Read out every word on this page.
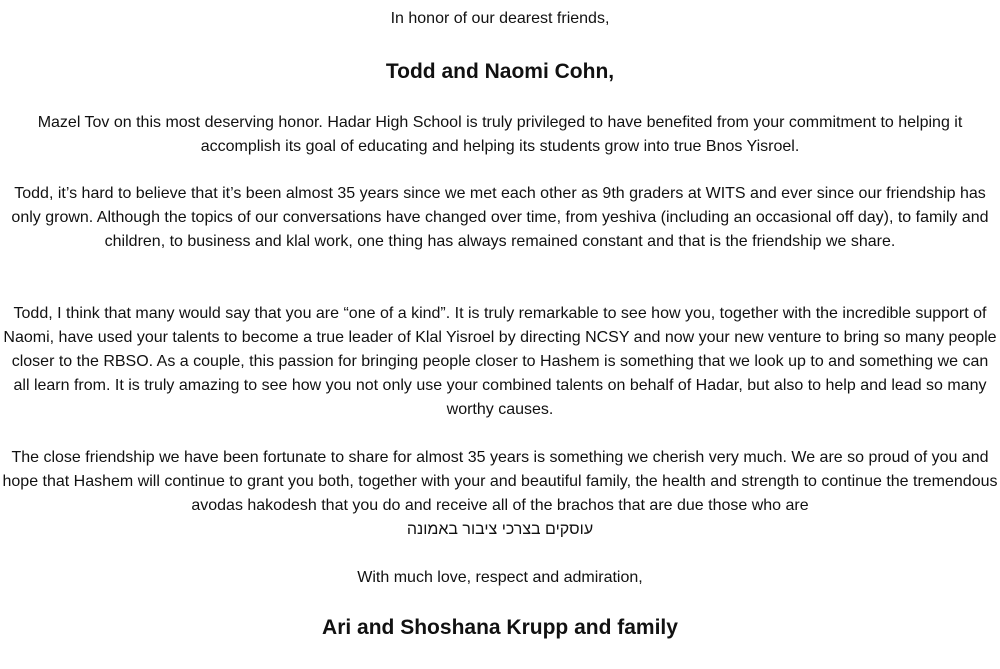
In honor of our dearest friends,
Todd and Naomi Cohn,
Mazel Tov on this most deserving honor. Hadar High School is truly privileged to have benefited from your commitment to helping it accomplish its goal of educating and helping its students grow into true Bnos Yisroel.
Todd, it’s hard to believe that it’s been almost 35 years since we met each other as 9th graders at WITS and ever since our friendship has only grown. Although the topics of our conversations have changed over time, from yeshiva (including an occasional off day), to family and children, to business and klal work, one thing has always remained constant and that is the friendship we share.
Todd, I think that many would say that you are “one of a kind”. It is truly remarkable to see how you, together with the incredible support of Naomi, have used your talents to become a true leader of Klal Yisroel by directing NCSY and now your new venture to bring so many people closer to the RBSO. As a couple, this passion for bringing people closer to Hashem is something that we look up to and something we can all learn from. It is truly amazing to see how you not only use your combined talents on behalf of Hadar, but also to help and lead so many worthy causes.
The close friendship we have been fortunate to share for almost 35 years is something we cherish very much. We are so proud of you and hope that Hashem will continue to grant you both, together with your and beautiful family, the health and strength to continue the tremendous avodas hakodesh that you do and receive all of the brachos that are due those who are
עוסקים בצרכי ציבור באמונה
With much love, respect and admiration,
Ari and Shoshana Krupp and family
